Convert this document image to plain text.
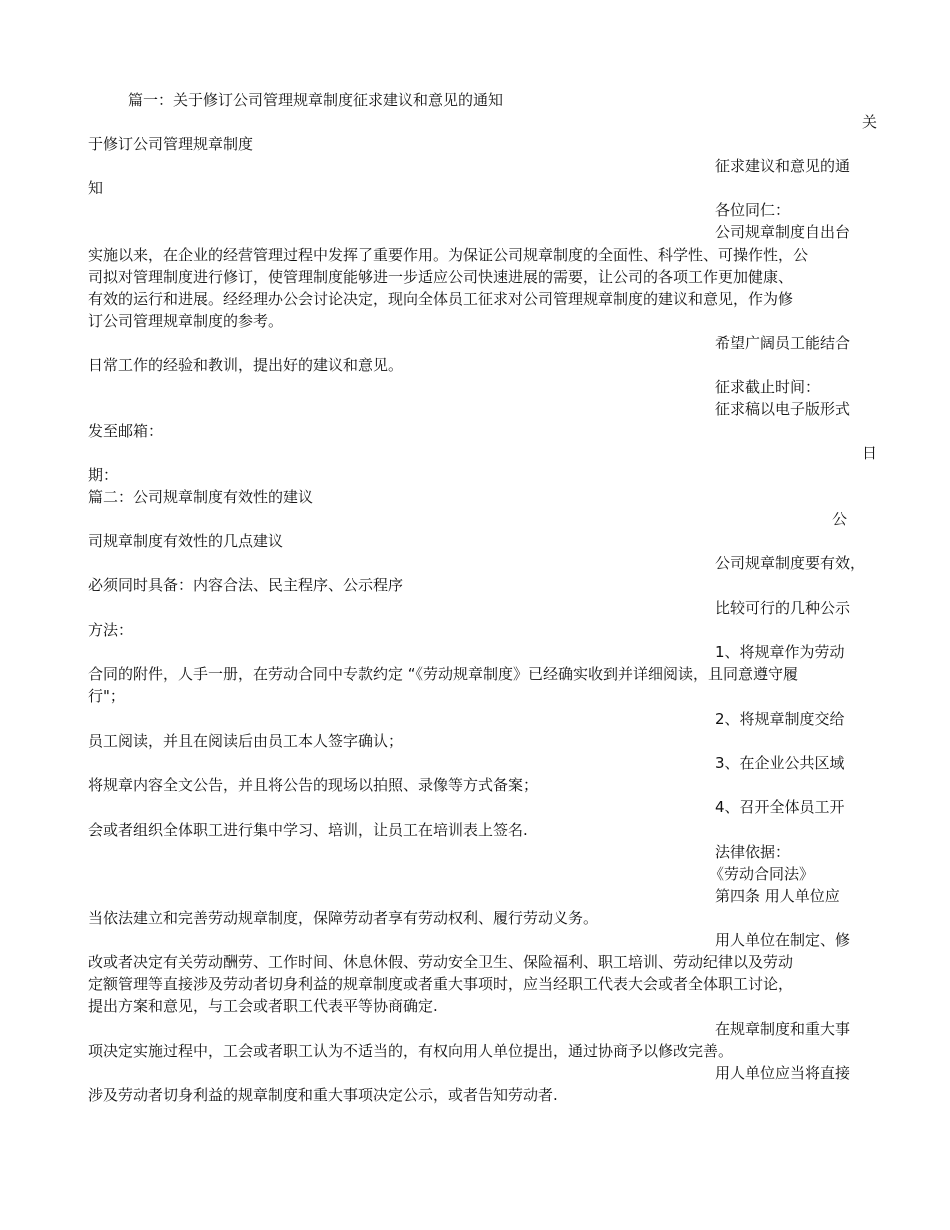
篇一：关于修订公司管理规章制度征求建议和意见的通知
关
于修订公司管理规章制度
征求建议和意见的通
知
各位同仁：
公司规章制度自出台
实施以来，在企业的经营管理过程中发挥了重要作用。为保证公司规章制度的全面性、科学性、可操作性，公
司拟对管理制度进行修订，使管理制度能够进一步适应公司快速进展的需要，让公司的各项工作更加健康、
有效的运行和进展。经经理办公会讨论决定，现向全体员工征求对公司管理规章制度的建议和意见，作为修
订公司管理规章制度的参考。
希望广阔员工能结合
日常工作的经验和教训，提出好的建议和意见。
征求截止时间：
征求稿以电子版形式
发至邮箱：
日
期：
篇二：公司规章制度有效性的建议
公
司规章制度有效性的几点建议
公司规章制度要有效，
必须同时具备：内容合法、民主程序、公示程序
比较可行的几种公示
方法：
1、将规章作为劳动
合同的附件，人手一册，在劳动合同中专款约定 “《劳动规章制度》已经确实收到并详细阅读，且同意遵守履
行"；
2、将规章制度交给
员工阅读，并且在阅读后由员工本人签字确认；
3、在企业公共区域
将规章内容全文公告，并且将公告的现场以拍照、录像等方式备案；
4、召开全体员工开
会或者组织全体职工进行集中学习、培训，让员工在培训表上签名.
法律依据：
《劳动合同法》
第四条 用人单位应
当依法建立和完善劳动规章制度，保障劳动者享有劳动权利、履行劳动义务。
用人单位在制定、修
改或者决定有关劳动酬劳、工作时间、休息休假、劳动安全卫生、保险福利、职工培训、劳动纪律以及劳动
定额管理等直接涉及劳动者切身利益的规章制度或者重大事项时，应当经职工代表大会或者全体职工讨论，
提出方案和意见，与工会或者职工代表平等协商确定.
在规章制度和重大事
项决定实施过程中，工会或者职工认为不适当的，有权向用人单位提出，通过协商予以修改完善。
用人单位应当将直接
涉及劳动者切身利益的规章制度和重大事项决定公示，或者告知劳动者.
